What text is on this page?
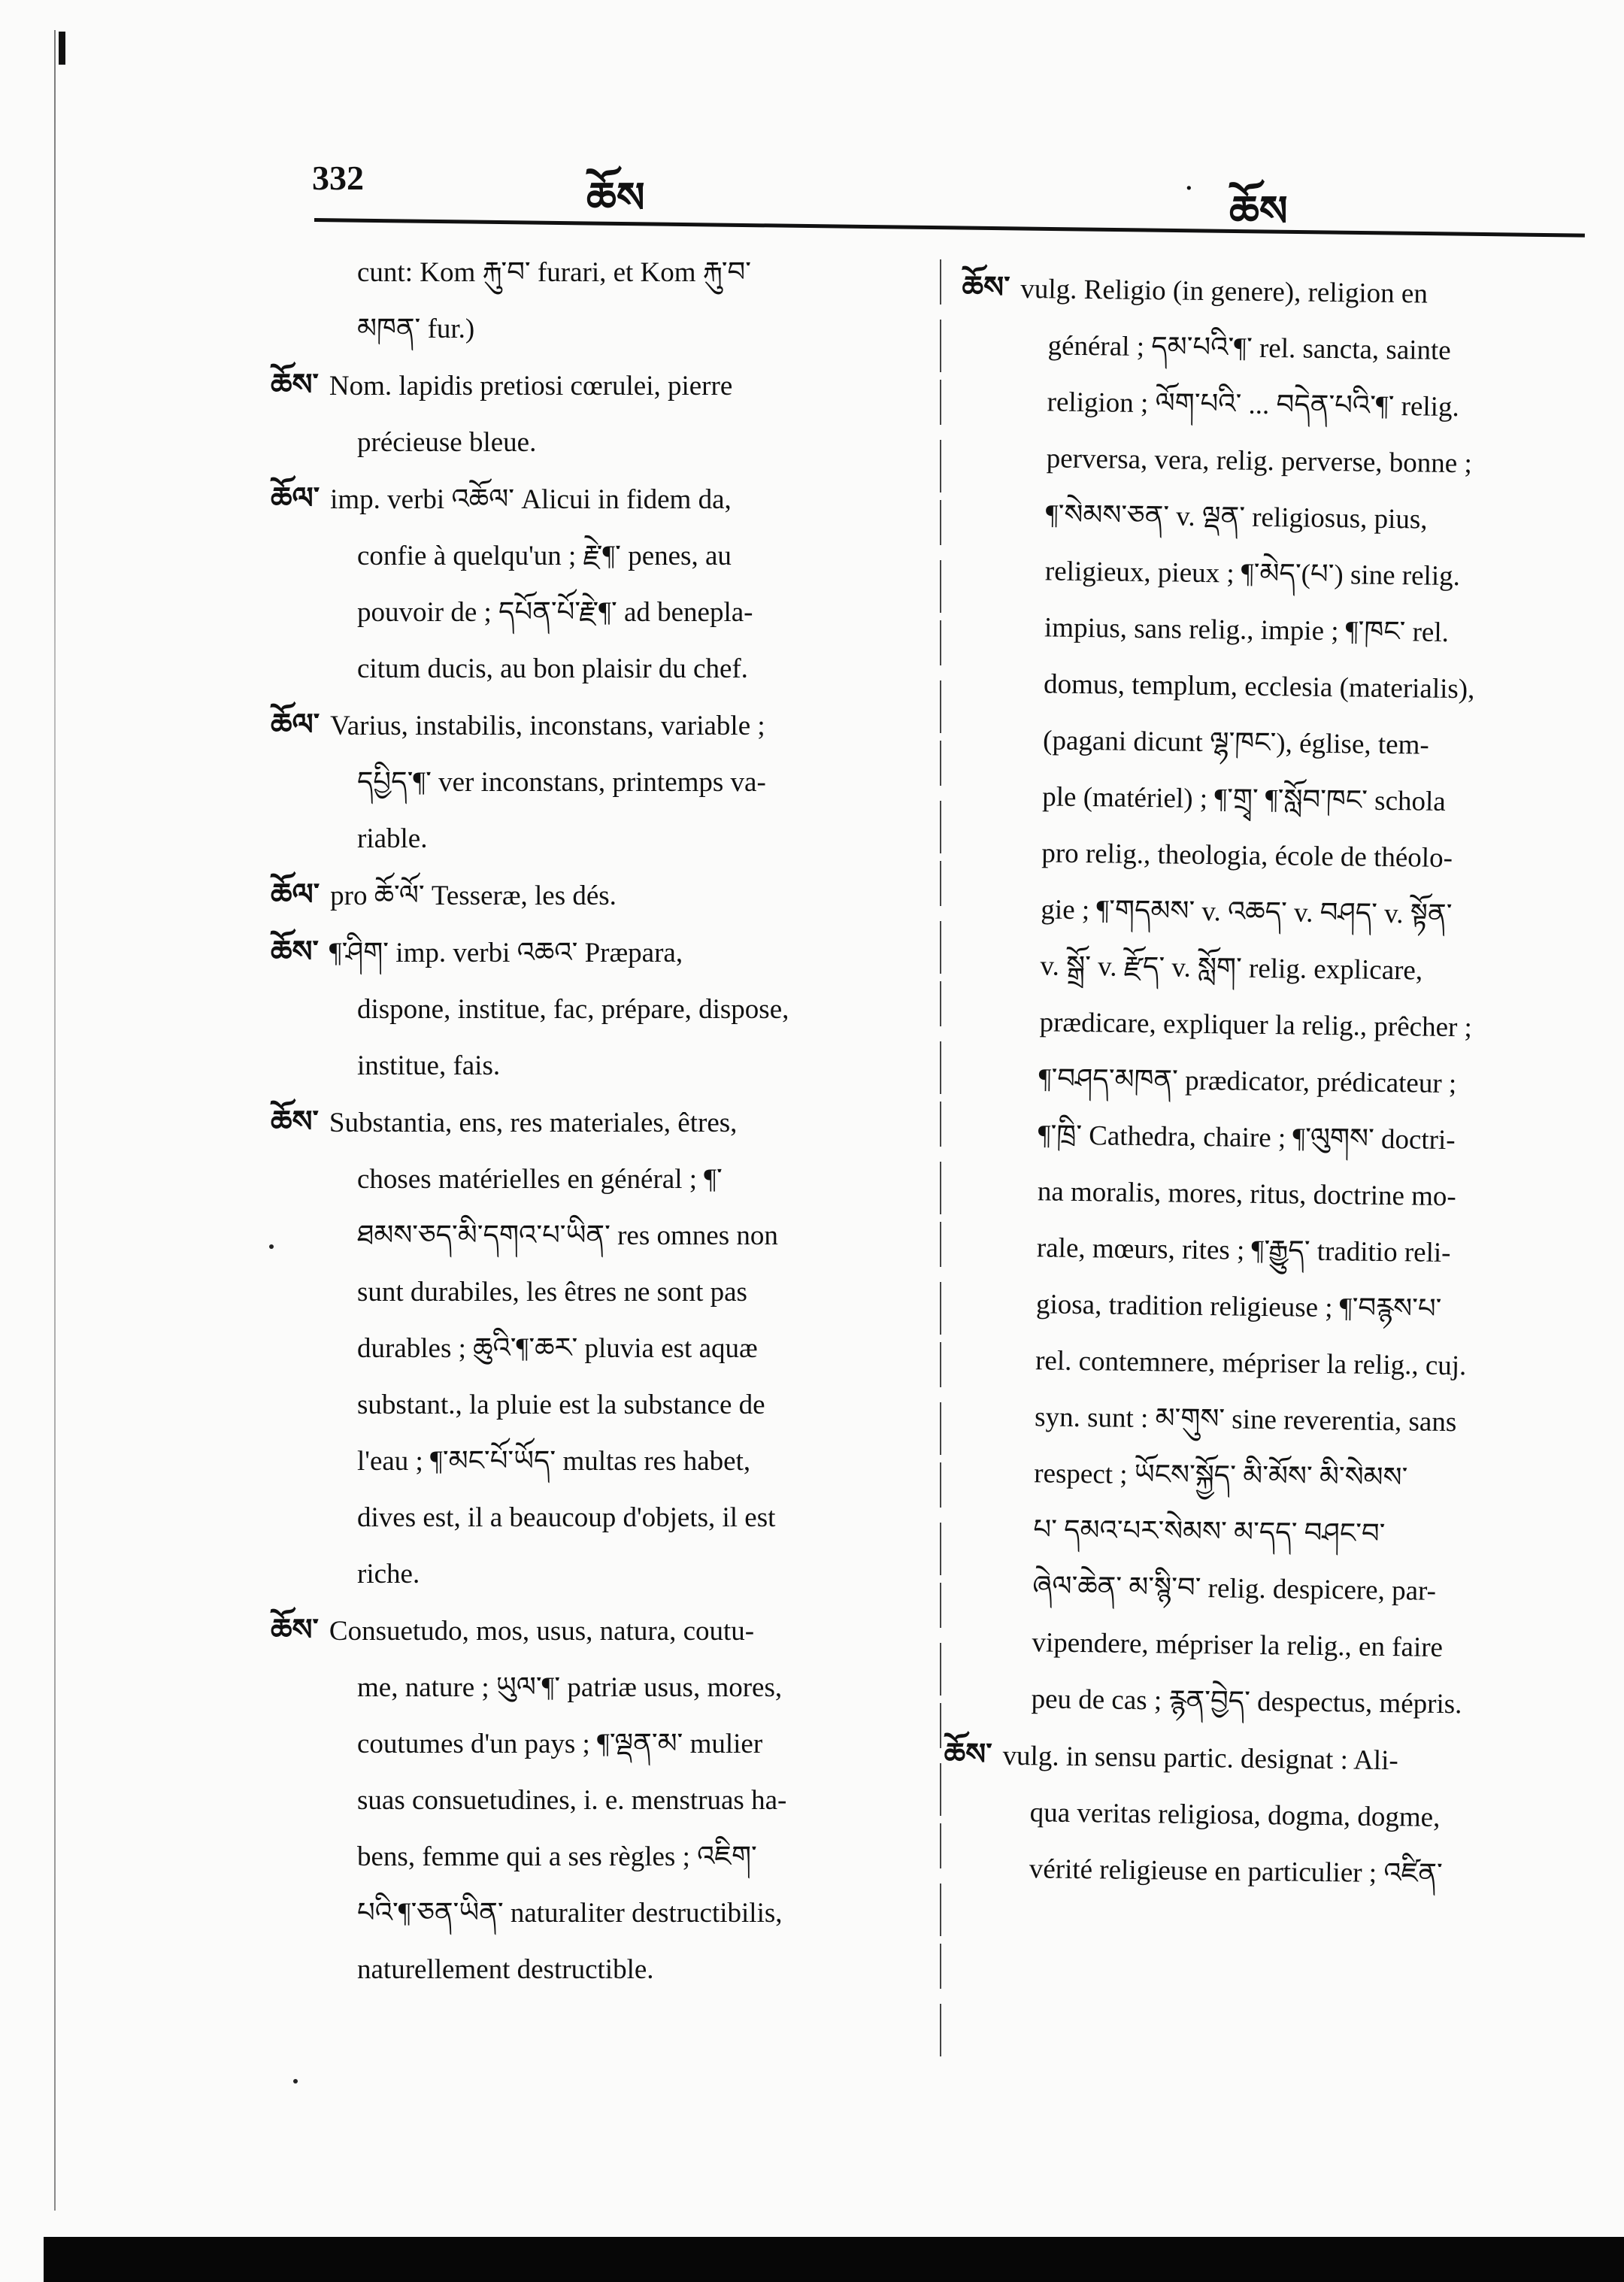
332	ཆོས	· ཆོས

cunt: Kom རྐུ་བ་ furari, et Kom རྐུ་བ་

མཁན་ fur.)

ཆོས་ Nom. lapidis pretiosi cœrulei, pierre

précieuse bleue.

ཆོལ་ imp. verbi འཆོལ་ Alicui in fidem da,

confie à quelqu'un ; རྗེ་¶་ penes, au

pouvoir de ; དཔོན་པོ་རྗེ་¶་ ad benepla-

citum ducis, au bon plaisir du chef.

ཆོལ་ Varius, instabilis, inconstans, variable ;

དཔྱིད་¶་ ver inconstans, printemps va-

riable.

ཆོལ་ pro ཆོ་ལོ་ Tesseræ, les dés.

ཆོས་ ¶་ཤིག་ imp. verbi འཆའ་ Præpara,

dispone, institue, fac, prépare, dispose,

institue, fais.

ཆོས་ Substantia, ens, res materiales, êtres,

choses matérielles en général ; ¶་

ཐམས་ཅད་མི་དགའ་པ་ཡིན་ res omnes non

sunt durabiles, les êtres ne sont pas

durables ; ཆུའི་¶་ཆར་ pluvia est aquæ

substant., la pluie est la substance de

l'eau ; ¶་མང་པོ་ཡོད་ multas res habet,

dives est, il a beaucoup d'objets, il est

riche.

ཆོས་ Consuetudo, mos, usus, natura, coutu-

me, nature ; ཡུལ་¶་ patriæ usus, mores,

coutumes d'un pays ; ¶་ལྡན་མ་ mulier

suas consuetudines, i. e. menstruas ha-

bens, femme qui a ses règles ; འཇིག་

པའི་¶་ཅན་ཡིན་ naturaliter destructibilis,

naturellement destructible.

ཆོས་ vulg. Religio (in genere), religion en

général ; དམ་པའི་¶་ rel. sancta, sainte

religion ; ལོག་པའི་ ... བདེན་པའི་¶་ relig.

perversa, vera, relig. perverse, bonne ;

¶་སེམས་ཅན་ v. ལྡན་ religiosus, pius,

religieux, pieux ; ¶་མེད་(པ་) sine relig.

impius, sans relig., impie ; ¶་ཁང་ rel.

domus, templum, ecclesia (materialis),

(pagani dicunt ལྷ་ཁང་), église, tem-

ple (matériel) ; ¶་གྲྭ་ ¶་སློབ་ཁང་ schola

pro relig., theologia, école de théolo-

gie ; ¶་གདམས་ v. འཆད་ v. བཤད་ v. སྟོན་

v. སྒྲོ་ v. རྫོད་ v. སློག་ relig. explicare,

prædicare, expliquer la relig., prêcher ;

¶་བཤད་མཁན་ prædicator, prédicateur ;

¶་ཁྲི་ Cathedra, chaire ; ¶་ལུགས་ doctri-

na moralis, mores, ritus, doctrine mo-

rale, mœurs, rites ; ¶་རྒྱུད་ traditio reli-

giosa, tradition religieuse ; ¶་བརྙས་པ་

rel. contemnere, mépriser la relig., cuj.

syn. sunt : མ་གུས་ sine reverentia, sans

respect ; ཡོངས་སྐྱོད་ མི་མོས་ མི་སེམས་

པ་ དམའ་པར་སེམས་ མ་དད་ བཤང་བ་

ཞེལ་ཆེན་ མ་སྙི་བ་ relig. despicere, par-

vipendere, mépriser la relig., en faire

peu de cas ; རྙན་བྱེད་ despectus, mépris.

ཆོས་ vulg. in sensu partic. designat : Ali-

qua veritas religiosa, dogma, dogme,

vérité religieuse en particulier ; འཛིན་
